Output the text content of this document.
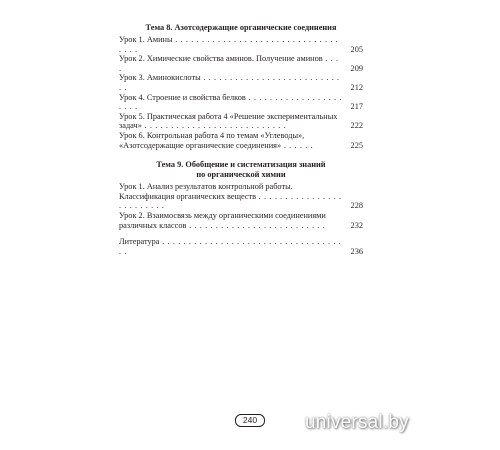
Тема 8. Азотсодержащие органические соединения
Урок 1. Амины . . . . . . . . . . . . . . . . . . . . . . . . . . . . . . . . . . .	205
Урок 2. Химические свойства аминов. Получение аминов . . . .	209
Урок 3. Аминокислоты . . . . . . . . . . . . . . . . . . . . . . . . . . . .	212
Урок 4. Строение и свойства белков . . . . . . . . . . . . . . . . . . . . . .	217
Урок 5. Практическая работа 4 «Решение экспериментальных задач» . . . . . . . . . . . . . . . . . . . . . . . . . . .	222
Урок 6. Контрольная работа 4 по темам «Углеводы», «Азотсодержащие органические соединения» . . . . . .	225
Тема 9. Обобщение и систематизация знаний
по органической химии
Урок 1. Анализ результатов контрольной работы. Классификация органических веществ . . . . . . . . . . . . . . . . . . . . . . . . .	228
Урок 2. Взаимосвязь между органическими соединениями различных классов . . . . . . . . . . . . . . . . . . . . . . . . . .	232
Литература . . . . . . . . . . . . . . . . . . . . . . . . . . . . . . . . . . . .	236
240	universal.by
